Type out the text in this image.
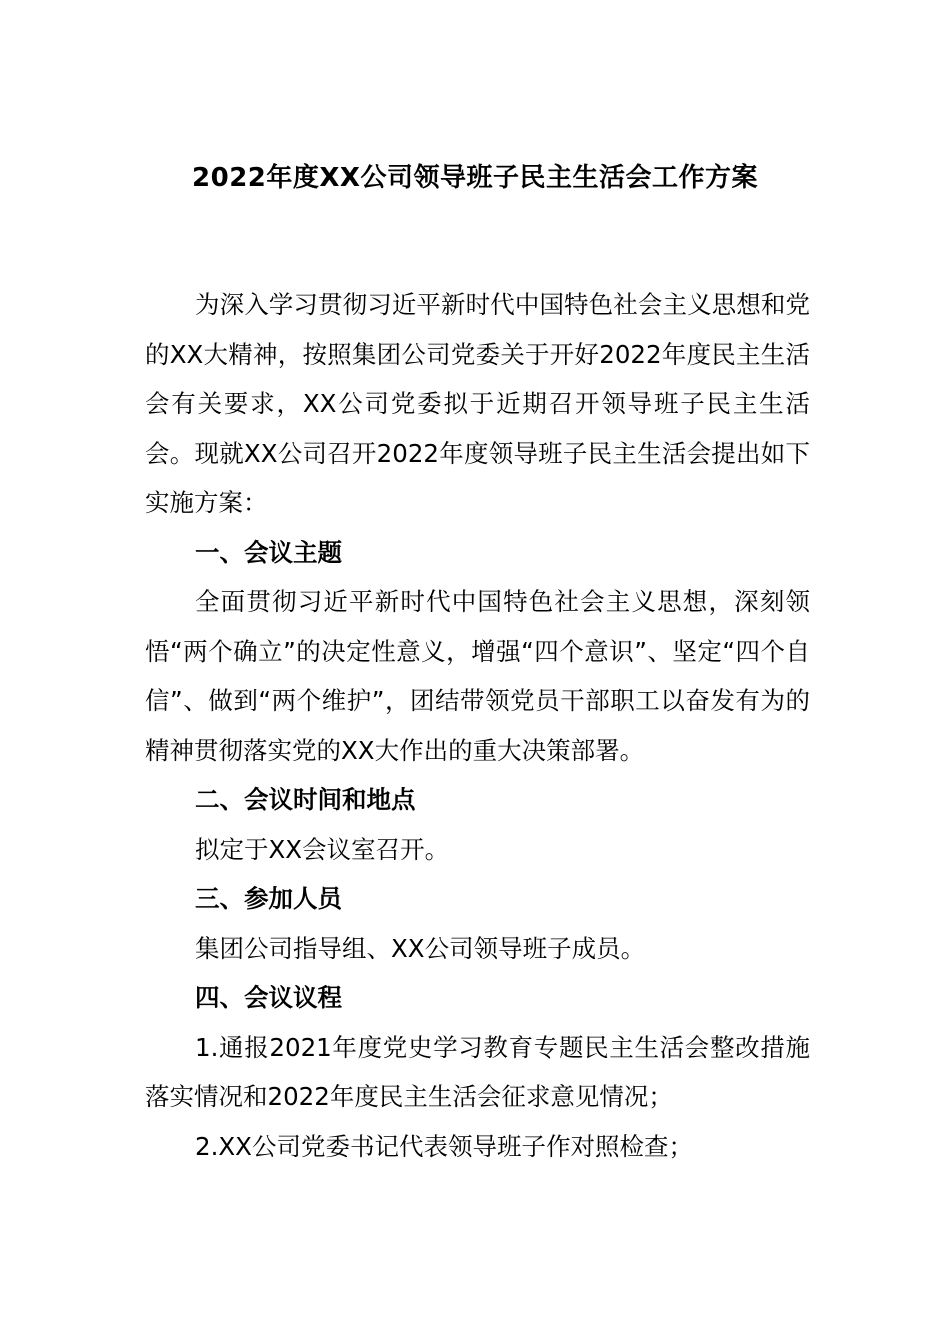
2022年度XX公司领导班子民主生活会工作方案

为深入学习贯彻习近平新时代中国特色社会主义思想和党的XX大精神，按照集团公司党委关于开好2022年度民主生活会有关要求，XX公司党委拟于近期召开领导班子民主生活会。现就XX公司召开2022年度领导班子民主生活会提出如下实施方案：

一、会议主题

全面贯彻习近平新时代中国特色社会主义思想，深刻领悟“两个确立”的决定性意义，增强“四个意识”、坚定“四个自信”、做到“两个维护”，团结带领党员干部职工以奋发有为的精神贯彻落实党的XX大作出的重大决策部署。

二、会议时间和地点

拟定于XX会议室召开。

三、参加人员

集团公司指导组、XX公司领导班子成员。

四、会议议程

1.通报2021年度党史学习教育专题民主生活会整改措施落实情况和2022年度民主生活会征求意见情况；

2.XX公司党委书记代表领导班子作对照检查；
